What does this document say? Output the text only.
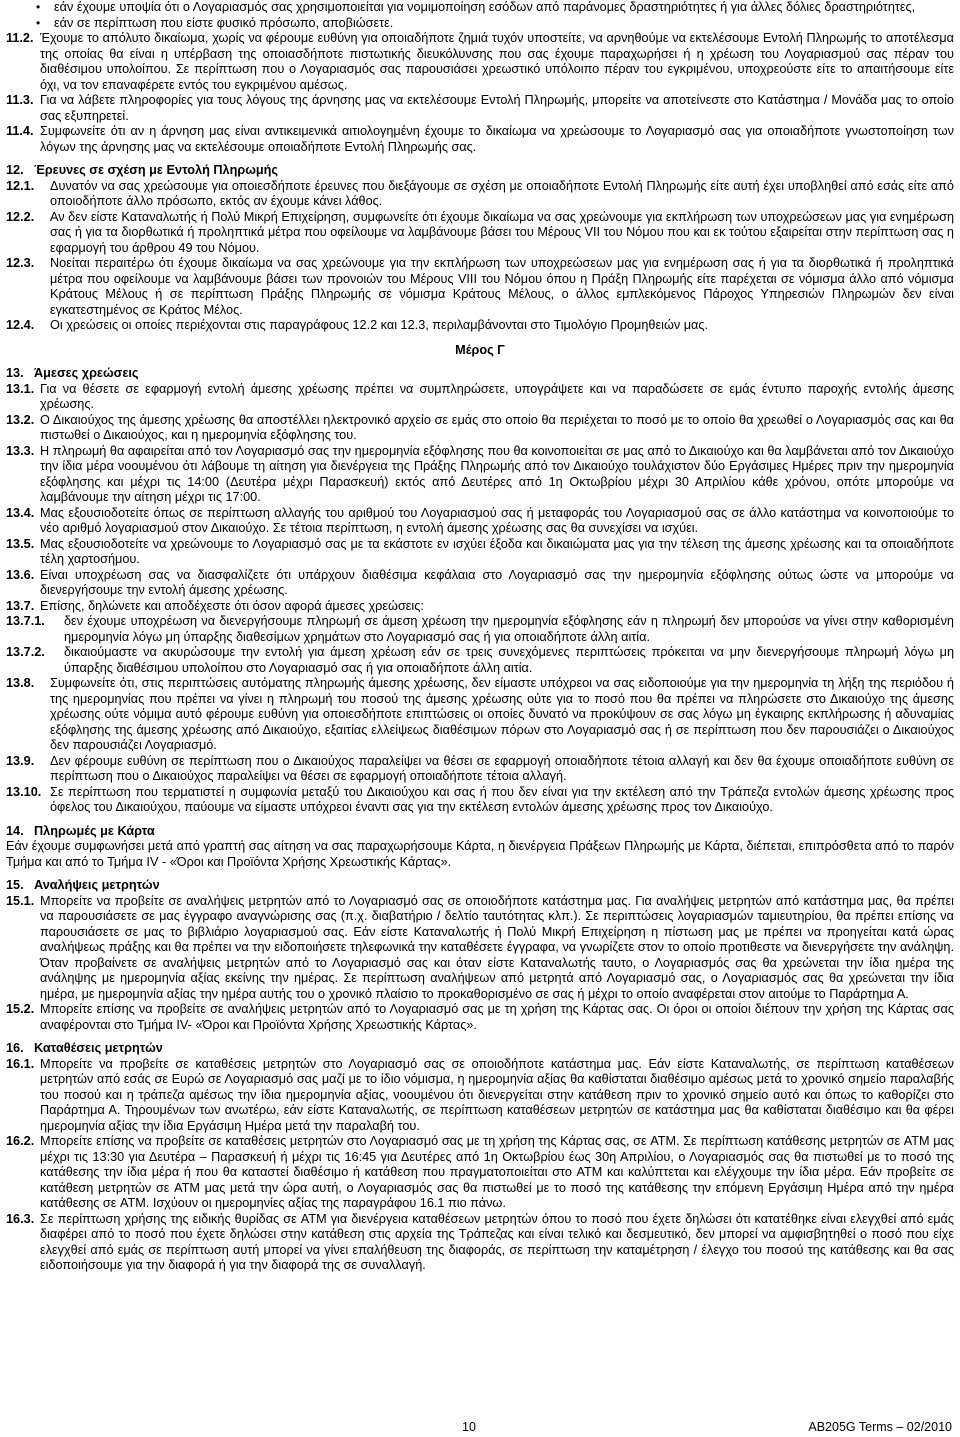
• εάν έχουμε υποψία ότι ο Λογαριασμός σας χρησιμοποιείται για νομιμοποίηση εσόδων από παράνομες δραστηριότητες ή για άλλες δόλιες δραστηριότητες,
• εάν σε περίπτωση που είστε φυσικό πρόσωπο, αποβιώσετε.
11.2. Έχουμε το απόλυτο δικαίωμα, χωρίς να φέρουμε ευθύνη για οποιαδήποτε ζημιά τυχόν υποστείτε, να αρνηθούμε να εκτελέσουμε Εντολή Πληρωμής το αποτέλεσμα της οποίας θα είναι η υπέρβαση της οποιασδήποτε πιστωτικής διευκόλυνσης που σας έχουμε παραχωρήσει ή η χρέωση του Λογαριασμού σας πέραν του διαθέσιμου υπολοίπου. Σε περίπτωση που ο Λογαριασμός σας παρουσιάσει χρεωστικό υπόλοιπο πέραν του εγκριμένου, υποχρεούστε είτε το απαιτήσουμε είτε όχι, να τον επαναφέρετε εντός του εγκριμένου αμέσως.
11.3. Για να λάβετε πληροφορίες για τους λόγους της άρνησης μας να εκτελέσουμε Εντολή Πληρωμής, μπορείτε να αποτείνεστε στο Κατάστημα / Μονάδα μας το οποίο σας εξυπηρετεί.
11.4. Συμφωνείτε ότι αν η άρνηση μας είναι αντικειμενικά αιτιολογημένη έχουμε το δικαίωμα να χρεώσουμε το Λογαριασμό σας για οποιαδήποτε γνωστοποίηση των λόγων της άρνησης μας να εκτελέσουμε οποιαδήποτε Εντολή Πληρωμής σας.
12. Έρευνες σε σχέση με Εντολή Πληρωμής
12.1.	Δυνατόν να σας χρεώσουμε για οποιεσδήποτε έρευνες που διεξάγουμε σε σχέση με οποιαδήποτε Εντολή Πληρωμής είτε αυτή έχει υποβληθεί από εσάς είτε από οποιοδήποτε άλλο πρόσωπο, εκτός αν έχουμε κάνει λάθος.
12.2.	Αν δεν είστε Καταναλωτής ή Πολύ Μικρή Επιχείρηση, συμφωνείτε ότι έχουμε δικαίωμα να σας χρεώνουμε για εκπλήρωση των υποχρεώσεων μας για ενημέρωση σας ή για τα διορθωτικά ή προληπτικά μέτρα που οφείλουμε να λαμβάνουμε βάσει του Μέρους VII του Νόμου που και εκ τούτου εξαιρείται στην περίπτωση σας η εφαρμογή του άρθρου 49 του Νόμου.
12.3.	Νοείται περαιτέρω ότι έχουμε δικαίωμα να σας χρεώνουμε για την εκπλήρωση των υποχρεώσεων μας για ενημέρωση σας ή για τα διορθωτικά ή προληπτικά μέτρα που οφείλουμε να λαμβάνουμε βάσει των προνοιών του Μέρους VIII του Νόμου όπου η Πράξη Πληρωμής είτε παρέχεται σε νόμισμα άλλο από νόμισμα Κράτους Μέλους ή σε περίπτωση Πράξης Πληρωμής σε νόμισμα Κράτους Μέλους, ο άλλος εμπλεκόμενος Πάροχος Υπηρεσιών Πληρωμών δεν είναι εγκατεστημένος σε Κράτος Μέλος.
12.4.	Οι χρεώσεις οι οποίες περιέχονται στις παραγράφους 12.2 και 12.3, περιλαμβάνονται στο Τιμολόγιο Προμηθειών μας.
Μέρος Γ
13. Άμεσες χρεώσεις
13.1. Για να θέσετε σε εφαρμογή εντολή άμεσης χρέωσης πρέπει να συμπληρώσετε, υπογράψετε και να παραδώσετε σε εμάς έντυπο παροχής εντολής άμεσης χρέωσης.
13.2. Ο Δικαιούχος της άμεσης χρέωσης θα αποστέλλει ηλεκτρονικό αρχείο σε εμάς στο οποίο θα περιέχεται το ποσό με το οποίο θα χρεωθεί ο Λογαριασμός σας και θα πιστωθεί ο Δικαιούχος, και η ημερομηνία εξόφλησης του.
13.3. Η πληρωμή θα αφαιρείται από τον Λογαριασμό σας την ημερομηνία εξόφλησης που θα κοινοποιείται σε μας από το Δικαιούχο και θα λαμβάνεται από τον Δικαιούχο την ίδια μέρα νοουμένου ότι λάβουμε τη αίτηση για διενέργεια της Πράξης Πληρωμής από τον Δικαιούχο τουλάχιστον δύο Εργάσιμες Ημέρες πριν την ημερομηνία εξόφλησης και μέχρι τις 14:00 (Δευτέρα μέχρι Παρασκευή) εκτός από Δευτέρες από 1η Οκτωβρίου μέχρι 30 Απριλίου κάθε χρόνου, οπότε μπορούμε να λαμβάνουμε την αίτηση μέχρι τις 17:00.
13.4. Μας εξουσιοδοτείτε όπως σε περίπτωση αλλαγής του αριθμού του Λογαριασμού σας ή μεταφοράς του Λογαριασμού σας σε άλλο κατάστημα να κοινοποιούμε το νέο αριθμό λογαριασμού στον Δικαιούχο. Σε τέτοια περίπτωση, η εντολή άμεσης χρέωσης σας θα συνεχίσει να ισχύει.
13.5. Μας εξουσιοδοτείτε να χρεώνουμε το Λογαριασμό σας με τα εκάστοτε εν ισχύει έξοδα και δικαιώματα μας για την τέλεση της άμεσης χρέωσης και τα οποιαδήποτε τέλη χαρτοσήμου.
13.6. Είναι υποχρέωση σας να διασφαλίζετε ότι υπάρχουν διαθέσιμα κεφάλαια στο Λογαριασμό σας την ημερομηνία εξόφλησης ούτως ώστε να μπορούμε να διενεργήσουμε την εντολή άμεσης χρέωσης.
13.7. Επίσης, δηλώνετε και αποδέχεστε ότι όσον αφορά άμεσες χρεώσεις:
13.7.1.	δεν έχουμε υποχρέωση να διενεργήσουμε πληρωμή σε άμεση χρέωση την ημερομηνία εξόφλησης εάν η πληρωμή δεν μπορούσε να γίνει στην καθορισμένη ημερομηνία λόγω μη ύπαρξης διαθεσίμων χρημάτων στο Λογαριασμό σας ή για οποιαδήποτε άλλη αιτία.
13.7.2.	δικαιούμαστε να ακυρώσουμε την εντολή για άμεση χρέωση εάν σε τρεις συνεχόμενες περιπτώσεις πρόκειται να μην διενεργήσουμε πληρωμή λόγω μη ύπαρξης διαθέσιμου υπολοίπου στο Λογαριασμό σας ή για οποιαδήποτε άλλη αιτία.
13.8.	Συμφωνείτε ότι, στις περιπτώσεις αυτόματης πληρωμής άμεσης χρέωσης, δεν είμαστε υπόχρεοι να σας ειδοποιούμε για την ημερομηνία τη λήξη της περιόδου ή της ημερομηνίας που πρέπει να γίνει η πληρωμή του ποσού της άμεσης χρέωσης ούτε για το ποσό που θα πρέπει να πληρώσετε στο Δικαιούχο της άμεσης χρέωσης ούτε νόμιμα αυτό φέρουμε ευθύνη για οποιεσδήποτε επιπτώσεις οι οποίες δυνατό να προκύψουν σε σας λόγω μη έγκαιρης εκπλήρωσης ή αδυναμίας εξόφλησης της άμεσης χρέωσης από Δικαιούχο, εξαιτίας ελλείψεως διαθέσιμων πόρων στο Λογαριασμό σας ή σε περίπτωση που δεν παρουσιάζει ο Δικαιούχος δεν παρουσιάζει Λογαριασμό.
13.9.	Δεν φέρουμε ευθύνη σε περίπτωση που ο Δικαιούχος παραλείψει να θέσει σε εφαρμογή οποιαδήποτε τέτοια αλλαγή και δεν θα έχουμε οποιαδήποτε ευθύνη σε περίπτωση που ο Δικαιούχος παραλείψει να θέσει σε εφαρμογή οποιαδήποτε τέτοια αλλαγή.
13.10. Σε περίπτωση που τερματιστεί η συμφωνία μεταξύ του Δικαιούχου και σας ή που δεν είναι για την εκτέλεση από την Τράπεζα εντολών άμεσης χρέωσης προς όφελος του Δικαιούχου, παύουμε να είμαστε υπόχρεοι έναντι σας για την εκτέλεση εντολών άμεσης χρέωσης προς τον Δικαιούχο.
14. Πληρωμές με Κάρτα

Εάν έχουμε συμφωνήσει μετά από γραπτή σας αίτηση να σας παραχωρήσουμε Κάρτα, η διενέργεια Πράξεων Πληρωμής με Κάρτα, διέπεται, επιπρόσθετα από το παρόν Τμήμα και από το Τμήμα IV - «Όροι και Προϊόντα Χρήσης Χρεωστικής Κάρτας».

15. Αναλήψεις μετρητών
15.1. Μπορείτε να προβείτε σε αναλήψεις μετρητών από το Λογαριασμό σας σε οποιοδήποτε κατάστημα μας. Για αναλήψεις μετρητών από κατάστημα μας, θα πρέπει να παρουσιάσετε σε μας έγγραφο αναγνώρισης σας (π.χ. διαβατήριο / δελτίο ταυτότητας κλπ.). Σε περιπτώσεις λογαριασμών ταμιευτηρίου, θα πρέπει επίσης να παρουσιάσετε σε μας το βιβλιάριο λογαριασμού σας. Εάν είστε Καταναλωτής ή Πολύ Μικρή Επιχείρηση η πίστωση μας με πρέπει να προηγείται κατά ώρας αναλήψεως πράξης και θα πρέπει να την ειδοποιήσετε τηλεφωνικά την καταθέσετε έγγραφα, να γνωρίζετε στον το οποίο προτιθεστε να διενεργήσετε την ανάληψη. Όταν προβαίνετε σε αναλήψεις μετρητών από το Λογαριασμό σας και όταν είστε Καταναλωτής ταυτο, ο Λογαριασμός σας θα χρεώνεται την ίδια ημέρα της ανάληψης με ημερομηνία αξίας εκείνης την ημέρας. Σε περίπτωση αναλήψεων από μετρητά από Λογαριασμό σας, ο Λογαριασμός σας θα χρεώνεται την ίδια ημέρα, με ημερομηνία αξίας την ημέρα αυτής του ο χρονικό πλαίσιο το προκαθορισμένο σε σας ή μέχρι το οποίο αναφέρεται στον αιτούμε το Παράρτημα Α.
15.2. Μπορείτε επίσης να προβείτε σε αναλήψεις μετρητών από το Λογαριασμό σας με τη χρήση της Κάρτας σας. Οι όροι οι οποίοι διέπουν την χρήση της Κάρτας σας αναφέρονται στο Τμήμα IV- «Όροι και Προϊόντα Χρήσης Χρεωστικής Κάρτας».
16. Καταθέσεις μετρητών
16.1. Μπορείτε να προβείτε σε καταθέσεις μετρητών στο Λογαριασμό σας σε οποιοδήποτε κατάστημα μας. Εάν είστε Καταναλωτής, σε περίπτωση καταθέσεων μετρητών από εσάς σε Ευρώ σε Λογαριασμό σας μαζί με το ίδιο νόμισμα, η ημερομηνία αξίας θα καθίσταται διαθέσιμο αμέσως μετά το χρονικό σημείο παραλαβής του ποσού και η τράπεζα αμέσως την ίδια ημερομηνία αξίας, νοουμένου ότι διενεργείται στην κατάθεση πριν το χρονικό σημείο αυτό και όπως το καθορίζει στο Παράρτημα Α. Τηρουμένων των ανωτέρω, εάν είστε Καταναλωτής, σε περίπτωση καταθέσεων μετρητών σε κατάστημα μας θα καθίσταται διαθέσιμο και θα φέρει ημερομηνία αξίας την ίδια Εργάσιμη Ημέρα μετά την παραλαβή του.
16.2. Μπορείτε επίσης να προβείτε σε καταθέσεις μετρητών στο Λογαριασμό σας με τη χρήση της Κάρτας σας, σε ATM. Σε περίπτωση κατάθεσης μετρητών σε ATM μας μέχρι τις 13:30 για Δευτέρα – Παρασκευή ή μέχρι τις 16:45 για Δευτέρες από 1η Οκτωβρίου έως 30η Απριλίου, ο Λογαριασμός σας θα πιστωθεί με το ποσό της κατάθεσης την ίδια μέρα ή που θα καταστεί διαθέσιμο ή κατάθεση που πραγματοποιείται στο ATM και καλύπτεται και ελέγχουμε την ίδια μέρα. Εάν προβείτε σε κατάθεση μετρητών σε ATM μας μετά την ώρα αυτή, ο Λογαριασμός σας θα πιστωθεί με το ποσό της κατάθεσης την επόμενη Εργάσιμη Ημέρα από την ημέρα κατάθεσης σε ATM. Ισχύουν οι ημερομηνίες αξίας της παραγράφου 16.1 πιο πάνω.
16.3. Σε περίπτωση χρήσης της ειδικής θυρίδας σε ATM για διενέργεια καταθέσεων μετρητών όπου το ποσό που έχετε δηλώσει ότι κατατέθηκε είναι ελεγχθεί από εμάς διαφέρει από το ποσό που έχετε δηλώσει στην κατάθεση στις αρχεία της Τράπεζας και είναι τελικό και δεσμευτικό, δεν μπορεί να αμφισβητηθεί ο ποσό που είχε ελεγχθεί από εμάς σε περίπτωση αυτή μπορεί να γίνει επαλήθευση της διαφοράς, σε περίπτωση την καταμέτρηση / έλεγχο του ποσού της κατάθεσης και θα σας ειδοποιήσουμε για την διαφορά ή για την διαφορά της σε συναλλαγή.
10	AB205G Terms – 02/2010
